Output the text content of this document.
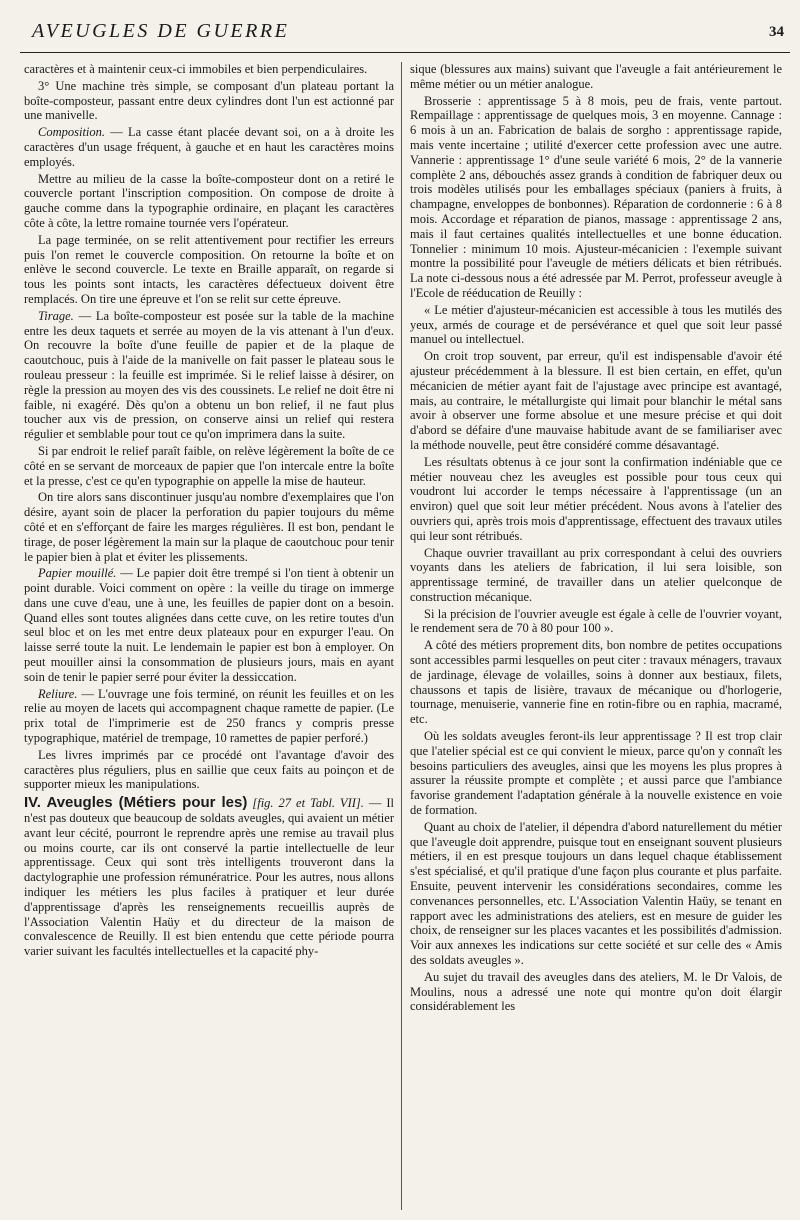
AVEUGLES DE GUERRE	34

caractères et à maintenir ceux-ci immobiles et bien perpendiculaires.

3° Une machine très simple, se composant d'un plateau portant la boîte-composteur, passant entre deux cylindres dont l'un est actionné par une manivelle.

Composition. — La casse étant placée devant soi, on a à droite les caractères d'un usage fréquent, à gauche et en haut les caractères moins employés.

Mettre au milieu de la casse la boîte-composteur dont on a retiré le couvercle portant l'inscription composition. On compose de droite à gauche comme dans la typographie ordinaire, en plaçant les caractères côte à côte, la lettre romaine tournée vers l'opérateur.

La page terminée, on se relit attentivement pour rectifier les erreurs puis l'on remet le couvercle composition. On retourne la boîte et on enlève le second couvercle. Le texte en Braille apparaît, on regarde si tous les points sont intacts, les caractères défectueux doivent être remplacés. On tire une épreuve et l'on se relit sur cette épreuve.

Tirage. — La boîte-composteur est posée sur la table de la machine entre les deux taquets et serrée au moyen de la vis attenant à l'un d'eux. On recouvre la boîte d'une feuille de papier et de la plaque de caoutchouc, puis à l'aide de la manivelle on fait passer le plateau sous le rouleau presseur : la feuille est imprimée. Si le relief laisse à désirer, on règle la pression au moyen des vis des coussinets. Le relief ne doit être ni faible, ni exagéré. Dès qu'on a obtenu un bon relief, il ne faut plus toucher aux vis de pression, on conserve ainsi un relief qui restera régulier et semblable pour tout ce qu'on imprimera dans la suite.

Si par endroit le relief paraît faible, on relève légèrement la boîte de ce côté en se servant de morceaux de papier que l'on intercale entre la boîte et la presse, c'est ce qu'en typographie on appelle la mise de hauteur.

On tire alors sans discontinuer jusqu'au nombre d'exemplaires que l'on désire, ayant soin de placer la perforation du papier toujours du même côté et en s'efforçant de faire les marges régulières. Il est bon, pendant le tirage, de poser légèrement la main sur la plaque de caoutchouc pour tenir le papier bien à plat et éviter les plissements.

Papier mouillé. — Le papier doit être trempé si l'on tient à obtenir un point durable. Voici comment on opère : la veille du tirage on immerge dans une cuve d'eau, une à une, les feuilles de papier dont on a besoin. Quand elles sont toutes alignées dans cette cuve, on les retire toutes d'un seul bloc et on les met entre deux plateaux pour en expurger l'eau. On laisse serré toute la nuit. Le lendemain le papier est bon à employer. On peut mouiller ainsi la consommation de plusieurs jours, mais en ayant soin de tenir le papier serré pour éviter la dessiccation.

Reliure. — L'ouvrage une fois terminé, on réunit les feuilles et on les relie au moyen de lacets qui accompagnent chaque ramette de papier. (Le prix total de l'imprimerie est de 250 francs y compris presse typographique, matériel de trempage, 10 ramettes de papier perforé.)

Les livres imprimés par ce procédé ont l'avantage d'avoir des caractères plus réguliers, plus en saillie que ceux faits au poinçon et de supporter mieux les manipulations.

IV. Aveugles (Métiers pour les) [fig. 27 et Tabl. VII]. — Il n'est pas douteux que beaucoup de soldats aveugles, qui avaient un métier avant leur cécité, pourront le reprendre après une remise au travail plus ou moins courte, car ils ont conservé la partie intellectuelle de leur apprentissage. Ceux qui sont très intelligents trouveront dans la dactylographie une profession rémunératrice. Pour les autres, nous allons indiquer les métiers les plus faciles à pratiquer et leur durée d'apprentissage d'après les renseignements recueillis auprès de l'Association Valentin Haüy et du directeur de la maison de convalescence de Reuilly. Il est bien entendu que cette période pourra varier suivant les facultés intellectuelles et la capacité phy-

sique (blessures aux mains) suivant que l'aveugle a fait antérieurement le même métier ou un métier analogue.

Brosserie : apprentissage 5 à 8 mois, peu de frais, vente partout. Rempaillage : apprentissage de quelques mois, 3 en moyenne. Cannage : 6 mois à un an. Fabrication de balais de sorgho : apprentissage rapide, mais vente incertaine ; utilité d'exercer cette profession avec une autre. Vannerie : apprentissage 1° d'une seule variété 6 mois, 2° de la vannerie complète 2 ans, débouchés assez grands à condition de fabriquer deux ou trois modèles utilisés pour les emballages spéciaux (paniers à fruits, à champagne, enveloppes de bonbonnes). Réparation de cordonnerie : 6 à 8 mois. Accordage et réparation de pianos, massage : apprentissage 2 ans, mais il faut certaines qualités intellectuelles et une bonne éducation. Tonnelier : minimum 10 mois. Ajusteur-mécanicien : l'exemple suivant montre la possibilité pour l'aveugle de métiers délicats et bien rétribués. La note ci-dessous nous a été adressée par M. Perrot, professeur aveugle à l'Ecole de rééducation de Reuilly :

« Le métier d'ajusteur-mécanicien est accessible à tous les mutilés des yeux, armés de courage et de persévérance et quel que soit leur passé manuel ou intellectuel.

On croit trop souvent, par erreur, qu'il est indispensable d'avoir été ajusteur précédemment à la blessure. Il est bien certain, en effet, qu'un mécanicien de métier ayant fait de l'ajustage avec principe est avantagé, mais, au contraire, le métallurgiste qui limait pour blanchir le métal sans avoir à observer une forme absolue et une mesure précise et qui doit d'abord se défaire d'une mauvaise habitude avant de se familiariser avec la méthode nouvelle, peut être considéré comme désavantagé.

Les résultats obtenus à ce jour sont la confirmation indéniable que ce métier nouveau chez les aveugles est possible pour tous ceux qui voudront lui accorder le temps nécessaire à l'apprentissage (un an environ) quel que soit leur métier précédent. Nous avons à l'atelier des ouvriers qui, après trois mois d'apprentissage, effectuent des travaux utiles qui leur sont rétribués.

Chaque ouvrier travaillant au prix correspondant à celui des ouvriers voyants dans les ateliers de fabrication, il lui sera loisible, son apprentissage terminé, de travailler dans un atelier quelconque de construction mécanique.

Si la précision de l'ouvrier aveugle est égale à celle de l'ouvrier voyant, le rendement sera de 70 à 80 pour 100 ».

A côté des métiers proprement dits, bon nombre de petites occupations sont accessibles parmi lesquelles on peut citer : travaux ménagers, travaux de jardinage, élevage de volailles, soins à donner aux bestiaux, filets, chaussons et tapis de lisière, travaux de mécanique ou d'horlogerie, tournage, menuiserie, vannerie fine en rotin-fibre ou en raphia, macramé, etc.

Où les soldats aveugles feront-ils leur apprentissage ? Il est trop clair que l'atelier spécial est ce qui convient le mieux, parce qu'on y connaît les besoins particuliers des aveugles, ainsi que les moyens les plus propres à assurer la réussite prompte et complète ; et aussi parce que l'ambiance favorise grandement l'adaptation générale à la nouvelle existence en voie de formation.

Quant au choix de l'atelier, il dépendra d'abord naturellement du métier que l'aveugle doit apprendre, puisque tout en enseignant souvent plusieurs métiers, il en est presque toujours un dans lequel chaque établissement s'est spécialisé, et qu'il pratique d'une façon plus courante et plus parfaite. Ensuite, peuvent intervenir les considérations secondaires, comme les convenances personnelles, etc. L'Association Valentin Haüy, se tenant en rapport avec les administrations des ateliers, est en mesure de guider les choix, de renseigner sur les places vacantes et les possibilités d'admission. Voir aux annexes les indications sur cette société et sur celle des « Amis des soldats aveugles ».

Au sujet du travail des aveugles dans des ateliers, M. le Dr Valois, de Moulins, nous a adressé une note qui montre qu'on doit élargir considérablement les
